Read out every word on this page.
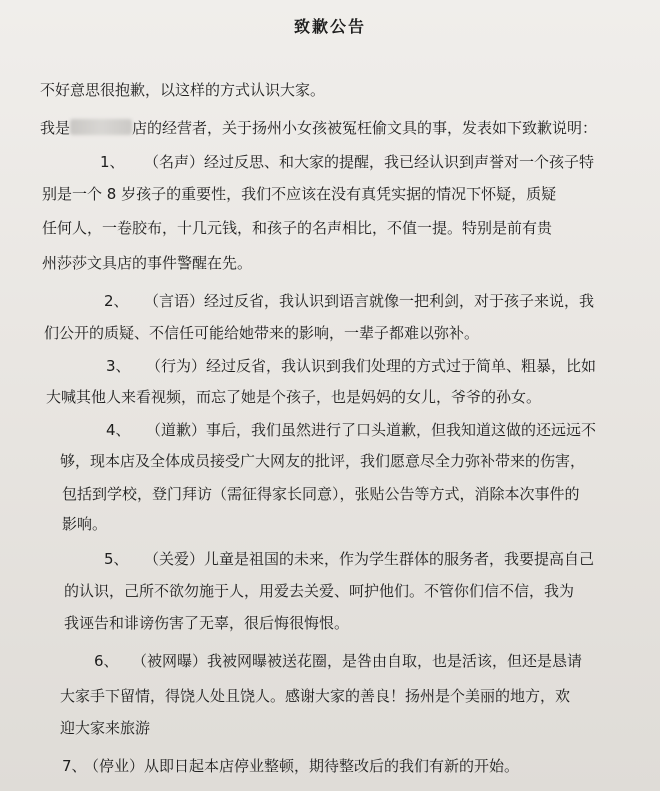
致歉公告
不好意思很抱歉，以这样的方式认识大家。
我是	店的经营者，关于扬州小女孩被冤枉偷文具的事，发表如下致歉说明：
1、 （名声）经过反思、和大家的提醒，我已经认识到声誉对一个孩子特
别是一个 8 岁孩子的重要性，我们不应该在没有真凭实据的情况下怀疑，质疑
任何人，一卷胶布，十几元钱，和孩子的名声相比，不值一提。特别是前有贵
州莎莎文具店的事件警醒在先。
2、 （言语）经过反省，我认识到语言就像一把利剑，对于孩子来说，我
们公开的质疑、不信任可能给她带来的影响，一辈子都难以弥补。
3、 （行为）经过反省，我认识到我们处理的方式过于简单、粗暴，比如
大喊其他人来看视频，而忘了她是个孩子，也是妈妈的女儿，爷爷的孙女。
4、 （道歉）事后，我们虽然进行了口头道歉，但我知道这做的还远远不
够，现本店及全体成员接受广大网友的批评，我们愿意尽全力弥补带来的伤害，
包括到学校，登门拜访（需征得家长同意），张贴公告等方式，消除本次事件的
影响。
5、 （关爱）儿童是祖国的未来，作为学生群体的服务者，我要提高自己
的认识，己所不欲勿施于人，用爱去关爱、呵护他们。不管你们信不信，我为
我诬告和诽谤伤害了无辜，很后悔很悔恨。
6、 （被网曝）我被网曝被送花圈，是咎由自取，也是活该，但还是恳请
大家手下留情，得饶人处且饶人。感谢大家的善良！扬州是个美丽的地方，欢
迎大家来旅游
7、（停业）从即日起本店停业整顿，期待整改后的我们有新的开始。
